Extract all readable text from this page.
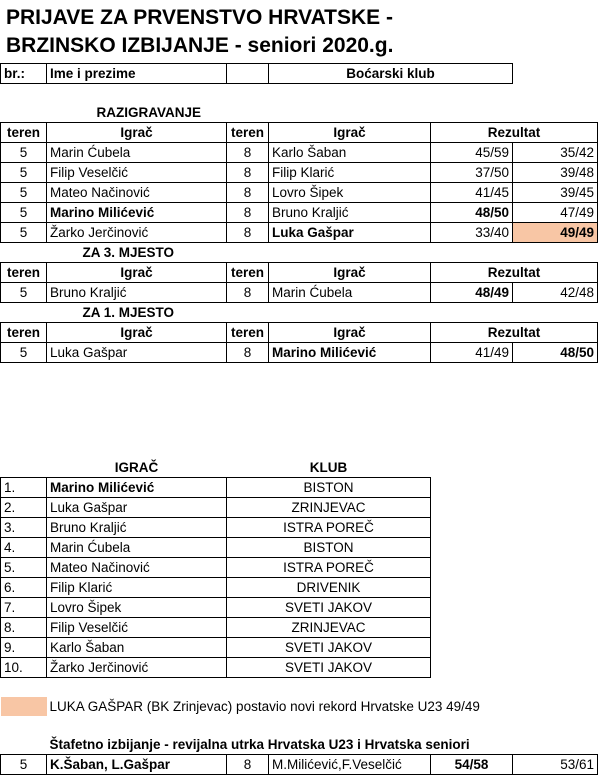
PRIJAVE ZA PRVENSTVO HRVATSKE -
BRZINSKO IZBIJANJE - seniori 2020.g.
br.:	Ime i prezime		Boćarski klub		

	RAZIGRAVANJE				
teren	Igrač	teren	Igrač	Rezultat	
5	Marin Ćubela	8	Karlo Šaban	45/59	35/42
5	Filip Veselčić	8	Filip Klarić	37/50	39/48
5	Mateo Načinović	8	Lovro Šipek	41/45	39/45
5	Marino Milićević	8	Bruno Kraljić	48/50	47/49
5	Žarko Jerčinović	8	Luka Gašpar	33/40	49/49
	ZA 3. MJESTO				
teren	Igrač	teren	Igrač	Rezultat	
5	Bruno Kraljić	8	Marin Ćubela	48/49	42/48
	ZA 1. MJESTO				
teren	Igrač	teren	Igrač	Rezultat	
5	Luka Gašpar	8	Marino Milićević	41/49	48/50

	IGRAČ	KLUB			
1.	Marino Milićević	BISTON			
2.	Luka Gašpar	ZRINJEVAC			
3.	Bruno Kraljić	ISTRA POREČ			
4.	Marin Ćubela	BISTON			
5.	Mateo Načinović	ISTRA POREČ			
6.	Filip Klarić	DRIVENIK			
7.	Lovro Šipek	SVETI JAKOV			
8.	Filip Veselčić	ZRINJEVAC			
9.	Karlo Šaban	SVETI JAKOV			
10.	Žarko Jerčinović	SVETI JAKOV			

	LUKA GAŠPAR (BK Zrinjevac) postavio novi rekord Hrvatske U23 49/49				

	Štafetno izbijanje - revijalna utrka Hrvatska U23 i Hrvatska seniori				
5	K.Šaban, L.Gašpar	8	M.Milićević,F.Veselčić	54/58	53/61
